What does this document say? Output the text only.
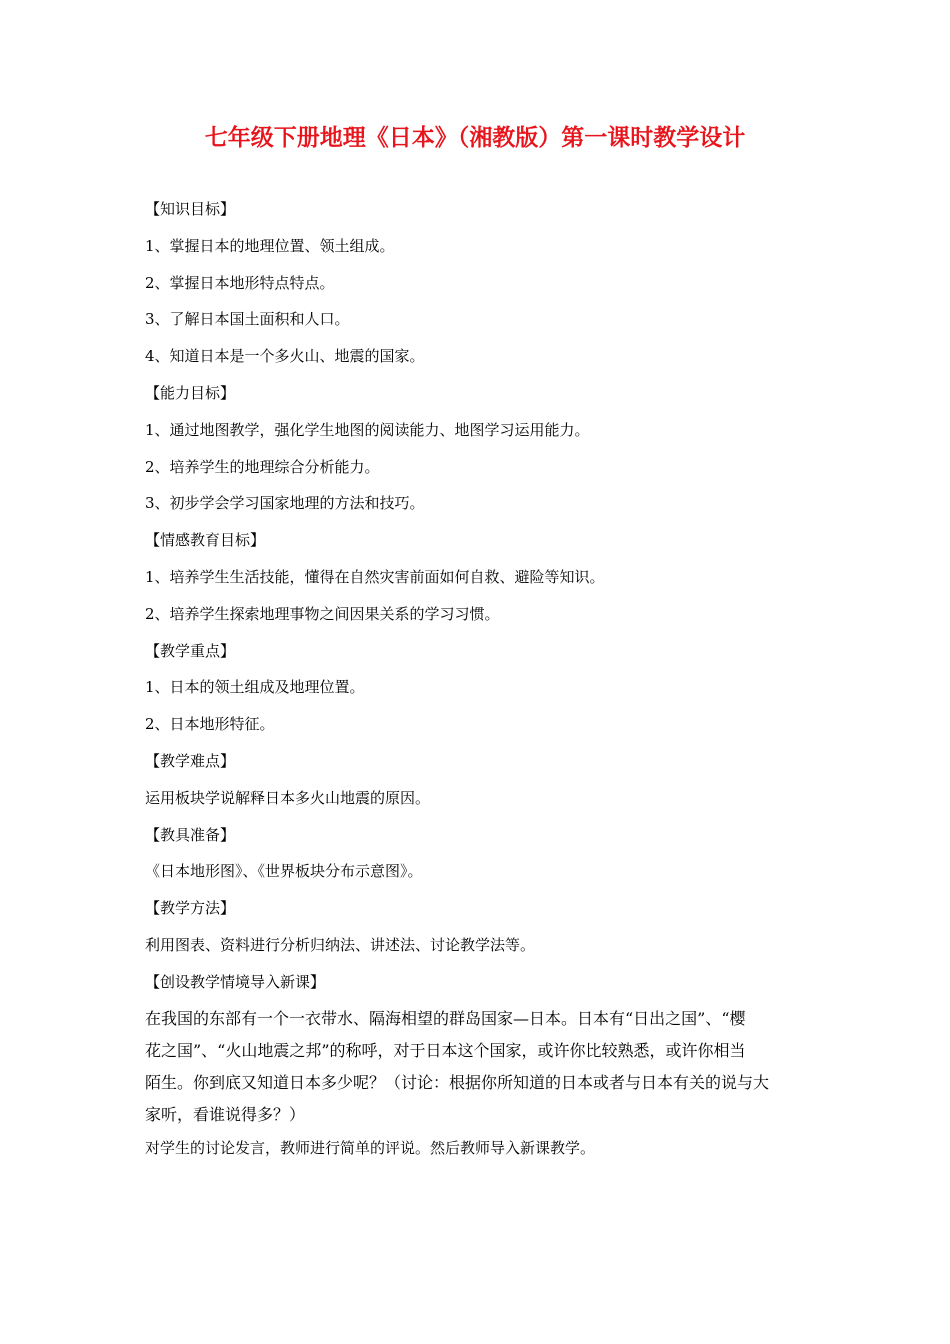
七年级下册地理《日本》（湘教版）第一课时教学设计
【知识目标】
1、掌握日本的地理位置、领土组成。
2、掌握日本地形特点特点。
3、了解日本国土面积和人口。
4、知道日本是一个多火山、地震的国家。
【能力目标】
1、通过地图教学，强化学生地图的阅读能力、地图学习运用能力。
2、培养学生的地理综合分析能力。
3、初步学会学习国家地理的方法和技巧。
【情感教育目标】
1、培养学生生活技能，懂得在自然灾害前面如何自救、避险等知识。
2、培养学生探索地理事物之间因果关系的学习习惯。
【教学重点】
1、日本的领土组成及地理位置。
2、日本地形特征。
【教学难点】
运用板块学说解释日本多火山地震的原因。
【教具准备】
《日本地形图》、《世界板块分布示意图》。
【教学方法】
利用图表、资料进行分析归纳法、讲述法、讨论教学法等。
【创设教学情境导入新课】
在我国的东部有一个一衣带水、隔海相望的群岛国家—日本。日本有“日出之国”、“樱
花之国”、“火山地震之邦”的称呼，对于日本这个国家，或许你比较熟悉，或许你相当
陌生。你到底又知道日本多少呢？（讨论：根据你所知道的日本或者与日本有关的说与大
家听，看谁说得多？）
对学生的讨论发言，教师进行简单的评说。然后教师导入新课教学。
